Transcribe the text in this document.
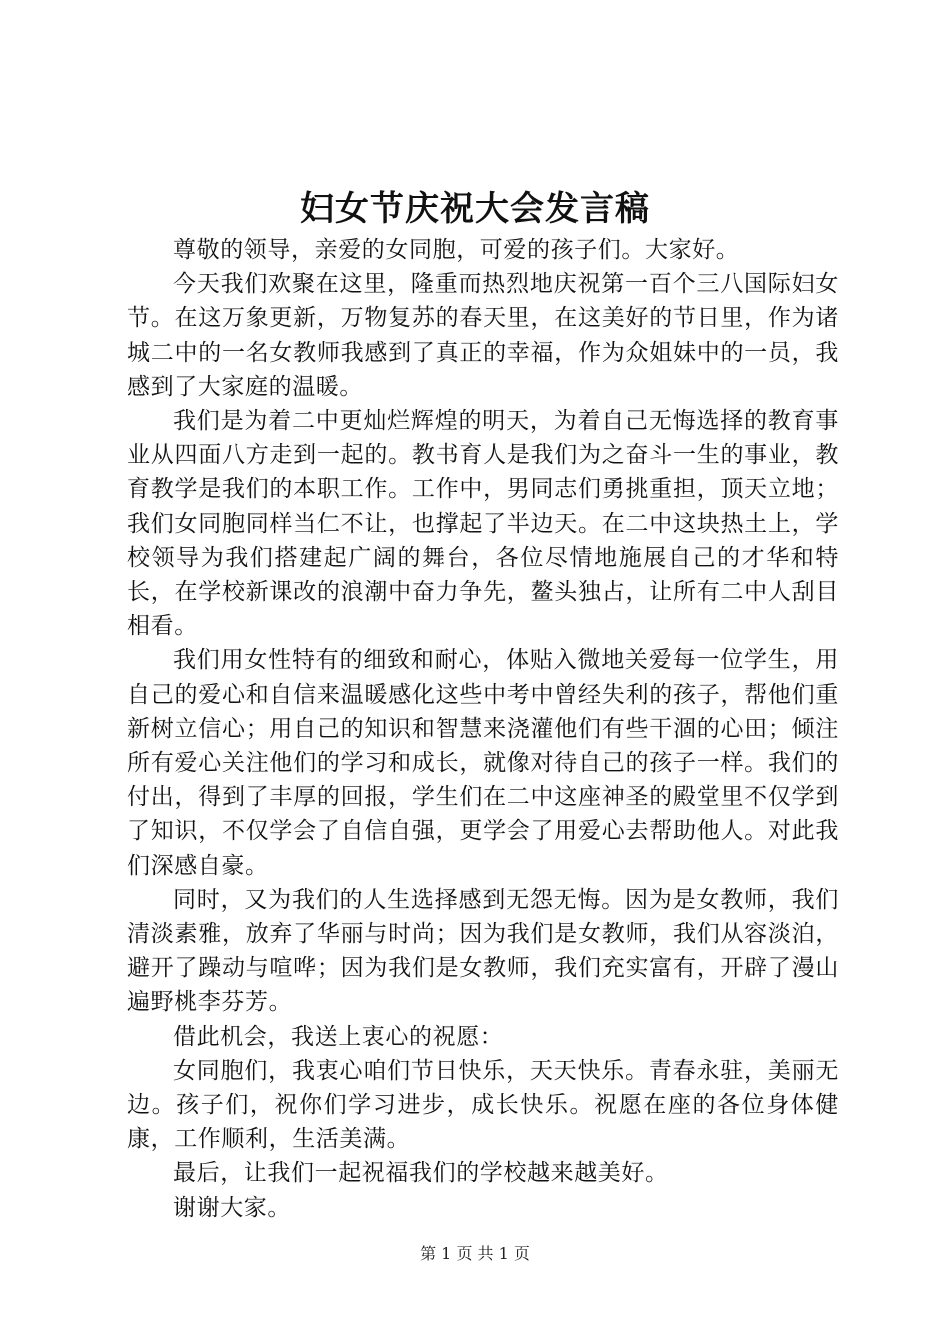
妇女节庆祝大会发言稿

尊敬的领导，亲爱的女同胞，可爱的孩子们。大家好。

今天我们欢聚在这里，隆重而热烈地庆祝第一百个三八国际妇女节。在这万象更新，万物复苏的春天里，在这美好的节日里，作为诸城二中的一名女教师我感到了真正的幸福，作为众姐妹中的一员，我感到了大家庭的温暖。

我们是为着二中更灿烂辉煌的明天，为着自己无悔选择的教育事业从四面八方走到一起的。教书育人是我们为之奋斗一生的事业，教育教学是我们的本职工作。工作中，男同志们勇挑重担，顶天立地；我们女同胞同样当仁不让，也撑起了半边天。在二中这块热土上，学校领导为我们搭建起广阔的舞台，各位尽情地施展自己的才华和特长，在学校新课改的浪潮中奋力争先，鳌头独占，让所有二中人刮目相看。

我们用女性特有的细致和耐心，体贴入微地关爱每一位学生，用自己的爱心和自信来温暖感化这些中考中曾经失利的孩子，帮他们重新树立信心；用自己的知识和智慧来浇灌他们有些干涸的心田；倾注所有爱心关注他们的学习和成长，就像对待自己的孩子一样。我们的付出，得到了丰厚的回报，学生们在二中这座神圣的殿堂里不仅学到了知识，不仅学会了自信自强，更学会了用爱心去帮助他人。对此我们深感自豪。

同时，又为我们的人生选择感到无怨无悔。因为是女教师，我们清淡素雅，放弃了华丽与时尚；因为我们是女教师，我们从容淡泊，避开了躁动与喧哗；因为我们是女教师，我们充实富有，开辟了漫山遍野桃李芬芳。

借此机会，我送上衷心的祝愿：

女同胞们，我衷心咱们节日快乐，天天快乐。青春永驻，美丽无边。孩子们，祝你们学习进步，成长快乐。祝愿在座的各位身体健康，工作顺利，生活美满。

最后，让我们一起祝福我们的学校越来越美好。

谢谢大家。

第 1 页 共 1 页
